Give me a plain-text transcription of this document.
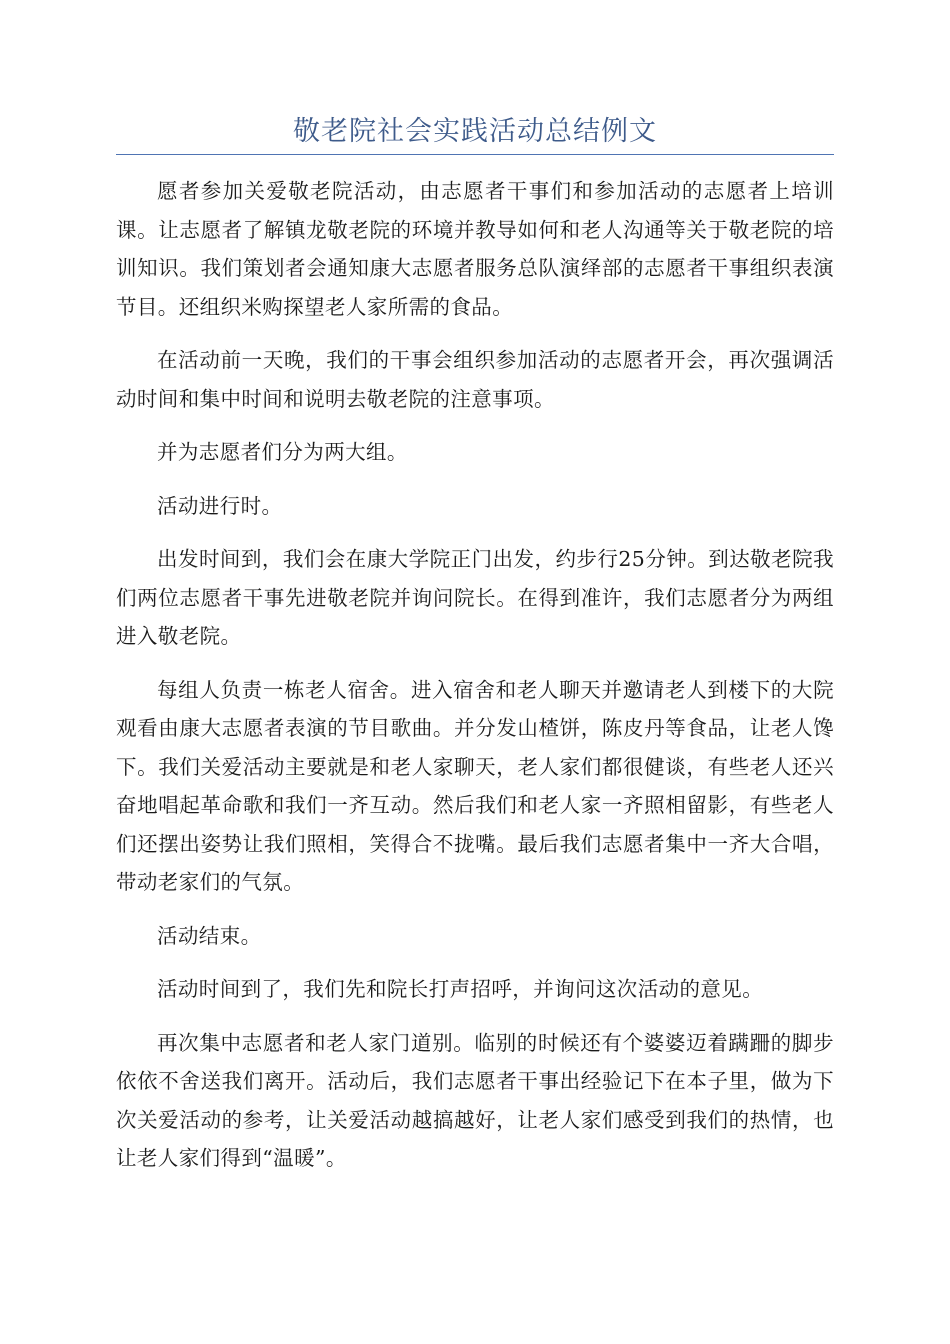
敬老院社会实践活动总结例文

愿者参加关爱敬老院活动，由志愿者干事们和参加活动的志愿者上培训课。让志愿者了解镇龙敬老院的环境并教导如何和老人沟通等关于敬老院的培训知识。我们策划者会通知康大志愿者服务总队演绎部的志愿者干事组织表演节目。还组织米购探望老人家所需的食品。

在活动前一天晚，我们的干事会组织参加活动的志愿者开会，再次强调活动时间和集中时间和说明去敬老院的注意事项。

并为志愿者们分为两大组。

活动进行时。

出发时间到，我们会在康大学院正门出发，约步行25分钟。到达敬老院我们两位志愿者干事先进敬老院并询问院长。在得到准许，我们志愿者分为两组进入敬老院。

每组人负责一栋老人宿舍。进入宿舍和老人聊天并邀请老人到楼下的大院观看由康大志愿者表演的节目歌曲。并分发山楂饼，陈皮丹等食品，让老人馋下。我们关爱活动主要就是和老人家聊天，老人家们都很健谈，有些老人还兴奋地唱起革命歌和我们一齐互动。然后我们和老人家一齐照相留影，有些老人们还摆出姿势让我们照相，笑得合不拢嘴。最后我们志愿者集中一齐大合唱，带动老家们的气氛。

活动结束。

活动时间到了，我们先和院长打声招呼，并询问这次活动的意见。

再次集中志愿者和老人家门道别。临别的时候还有个婆婆迈着蹒跚的脚步依依不舍送我们离开。活动后，我们志愿者干事出经验记下在本子里，做为下次关爱活动的参考，让关爱活动越搞越好，让老人家们感受到我们的热情，也让老人家们得到“温暖”。
